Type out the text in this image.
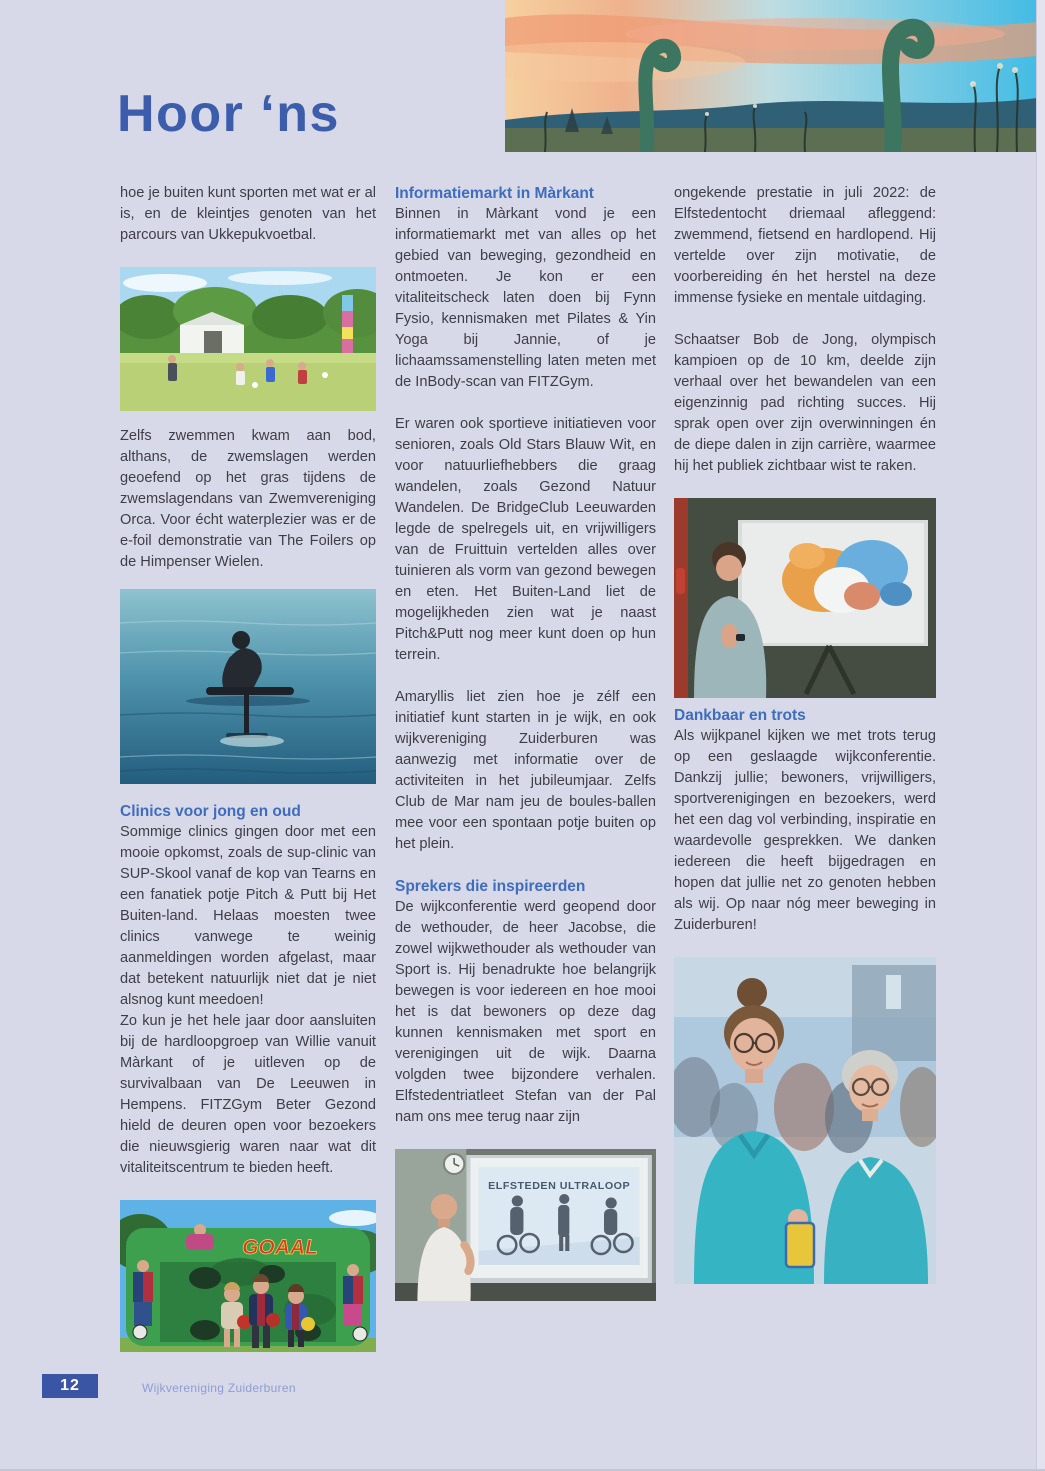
Hoor ‘ns

hoe je buiten kunt sporten met wat er al is, en de kleintjes genoten van het parcours van Ukkepukvoetbal.

Zelfs zwemmen kwam aan bod, althans, de zwemslagen werden geoefend op het gras tijdens de zwemslagendans van Zwemvereniging Orca. Voor écht waterplezier was er de e-foil demonstratie van The Foilers op de Himpenser Wielen.

Clinics voor jong en oud

Sommige clinics gingen door met een mooie opkomst, zoals de sup-clinic van SUP-Skool vanaf de kop van Tearns en een fanatiek potje Pitch & Putt bij Het Buiten-land. Helaas moesten twee clinics vanwege te weinig aanmeldingen worden afgelast, maar dat betekent natuurlijk niet dat je niet alsnog kunt meedoen!

Zo kun je het hele jaar door aansluiten bij de hardloopgroep van Willie vanuit Màrkant of je uitleven op de survivalbaan van De Leeuwen in Hempens. FITZGym Beter Gezond hield de deuren open voor bezoekers die nieuwsgierig waren naar wat dit vitaliteitscentrum te bieden heeft.

GOAAL
Informatiemarkt in Màrkant

Binnen in Màrkant vond je een informatiemarkt met van alles op het gebied van beweging, gezondheid en ontmoeten. Je kon er een vitaliteitscheck laten doen bij Fynn Fysio, kennismaken met Pilates & Yin Yoga bij Jannie, of je lichaamssamenstelling laten meten met de InBody-scan van FITZGym.

Er waren ook sportieve initiatieven voor senioren, zoals Old Stars Blauw Wit, en voor natuurliefhebbers die graag wandelen, zoals Gezond Natuur Wandelen. De BridgeClub Leeuwarden legde de spelregels uit, en vrijwilligers van de Fruittuin vertelden alles over tuinieren als vorm van gezond bewegen en eten. Het Buiten-Land liet de mogelijkheden zien wat je naast Pitch&Putt nog meer kunt doen op hun terrein.

Amaryllis liet zien hoe je zélf een initiatief kunt starten in je wijk, en ook wijkvereniging Zuiderburen was aanwezig met informatie over de activiteiten in het jubileumjaar. Zelfs Club de Mar nam jeu de boules-ballen mee voor een spontaan potje buiten op het plein.

Sprekers die inspireerden

De wijkconferentie werd geopend door de wethouder, de heer Jacobse, die zowel wijkwethouder als wethouder van Sport is. Hij benadrukte hoe belangrijk bewegen is voor iedereen en hoe mooi het is dat bewoners op deze dag kunnen kennismaken met sport en verenigingen uit de wijk. Daarna volgden twee bijzondere verhalen. Elfstedentriatleet Stefan van der Pal nam ons mee terug naar zijn

ELFSTEDEN ULTRALOOP

ongekende prestatie in juli 2022: de Elfstedentocht driemaal afleggend: zwemmend, fietsend en hardlopend. Hij vertelde over zijn motivatie, de voorbereiding én het herstel na deze immense fysieke en mentale uitdaging.

Schaatser Bob de Jong, olympisch kampioen op de 10 km, deelde zijn verhaal over het bewandelen van een eigenzinnig pad richting succes. Hij sprak open over zijn overwinningen én de diepe dalen in zijn carrière, waarmee hij het publiek zichtbaar wist te raken.

Dankbaar en trots

Als wijkpanel kijken we met trots terug op een geslaagde wijkconferentie. Dankzij jullie; bewoners, vrijwilligers, sportverenigingen en bezoekers, werd het een dag vol verbinding, inspiratie en waardevolle gesprekken. We danken iedereen die heeft bijgedragen en hopen dat jullie net zo genoten hebben als wij. Op naar nóg meer beweging in Zuiderburen!

12	Wijkvereniging Zuiderburen
